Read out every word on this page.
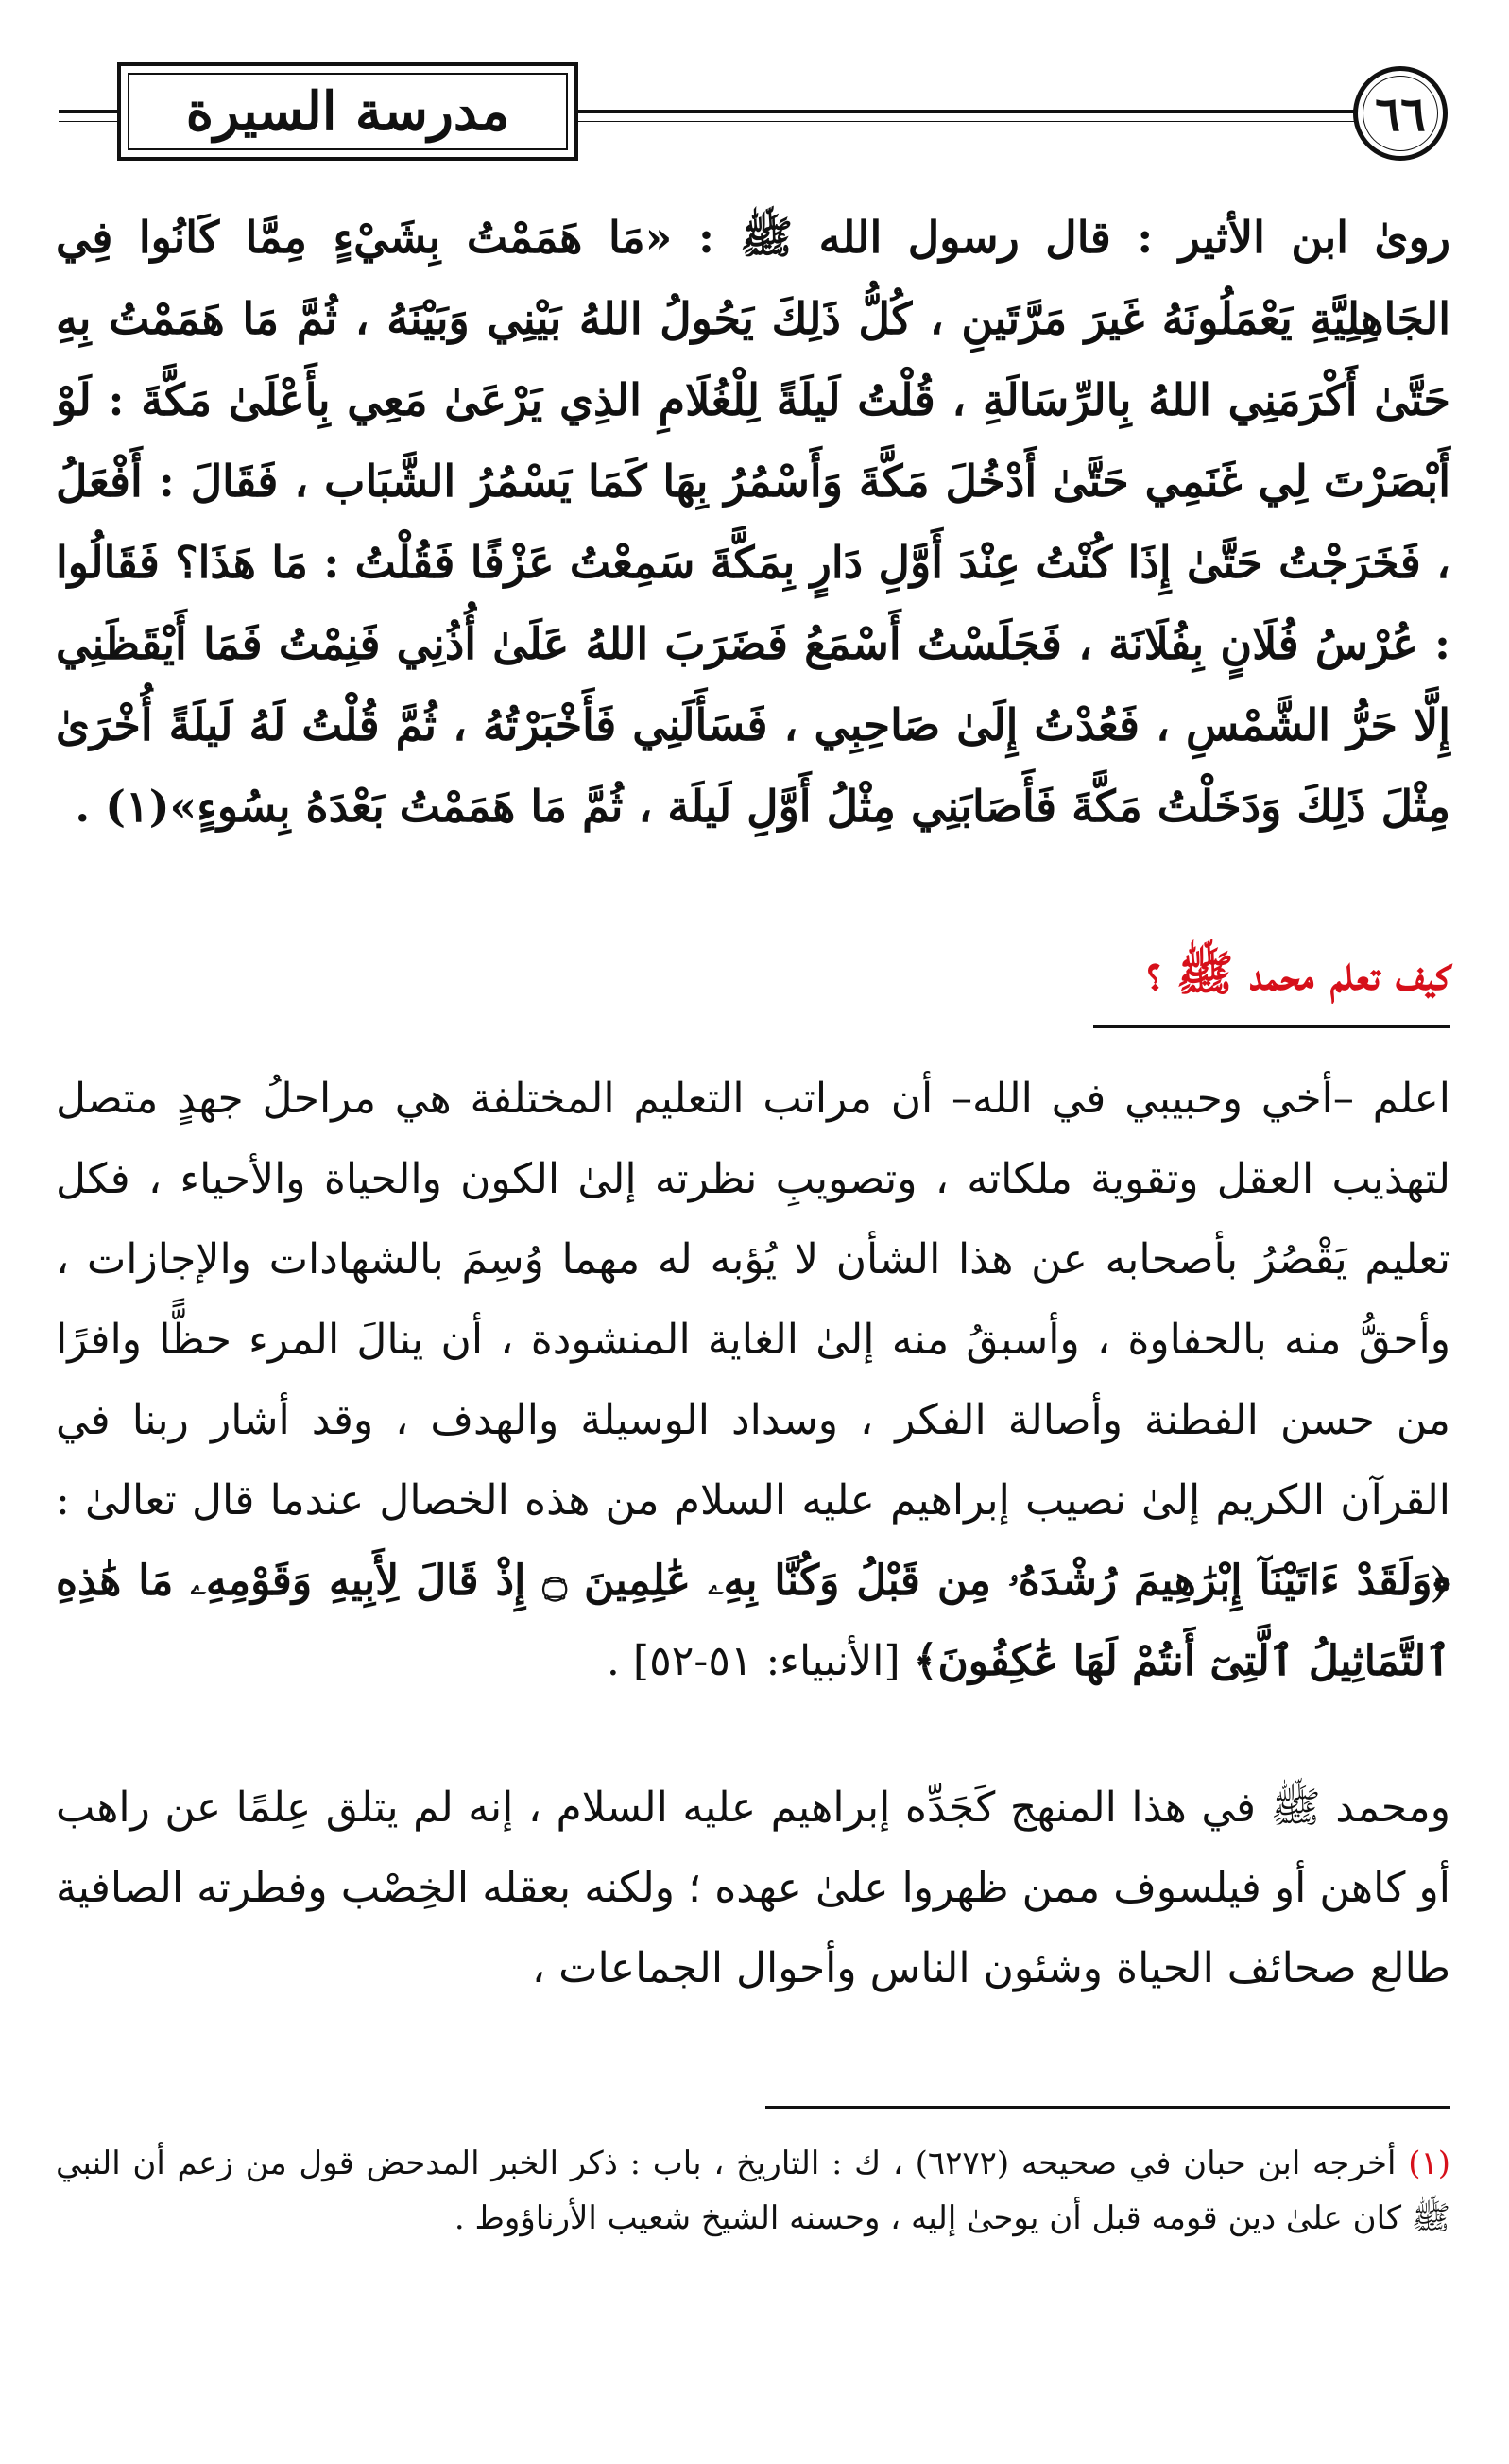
٦٦
مدرسة السيرة
روىٰ ابن الأثير : قال رسول الله ﷺ : «مَا هَمَمْتُ بِشَيْءٍ مِمَّا كَانُوا فِي الجَاهِلِيَّةِ يَعْمَلُونَهُ غَيرَ مَرَّتَينِ ، كُلُّ ذَلِكَ يَحُولُ اللهُ بَيْنِي وَبَيْنَهُ ، ثُمَّ مَا هَمَمْتُ بِهِ حَتَّىٰ أَكْرَمَنِي اللهُ بِالرِّسَالَةِ ، قُلْتُ لَيلَةً لِلْغُلَامِ الذِي يَرْعَىٰ مَعِي بِأَعْلَىٰ مَكَّةَ : لَوْ أَبْصَرْتَ لِي غَنَمِي حَتَّىٰ أَدْخُلَ مَكَّةَ وَأَسْمُرُ بِهَا كَمَا يَسْمُرُ الشَّبَاب ، فَقَالَ : أَفْعَلُ ، فَخَرَجْتُ حَتَّىٰ إِذَا كُنْتُ عِنْدَ أَوَّلِ دَارٍ بِمَكَّةَ سَمِعْتُ عَزْفًا فَقُلْتُ : مَا هَذَا؟ فَقَالُوا : عُرْسُ فُلَانٍ بِفُلَانَة ، فَجَلَسْتُ أَسْمَعُ فَضَرَبَ اللهُ عَلَىٰ أُذُنِي فَنِمْتُ فَمَا أَيْقَظَنِي إِلَّا حَرُّ الشَّمْسِ ، فَعُدْتُ إِلَىٰ صَاحِبِي ، فَسَأَلَنِي فَأَخْبَرْتُهُ ، ثُمَّ قُلْتُ لَهُ لَيلَةً أُخْرَىٰ مِثْلَ ذَلِكَ وَدَخَلْتُ مَكَّةَ فَأَصَابَنِي مِثْلُ أَوَّلِ لَيلَة ، ثُمَّ مَا هَمَمْتُ بَعْدَهُ بِسُوءٍ»(١) .
كيف تعلم محمد ﷺ ؟
اعلم –أخي وحبيبي في الله– أن مراتب التعليم المختلفة هي مراحلُ جهدٍ متصل لتهذيب العقل وتقوية ملكاته ، وتصويبِ نظرته إلىٰ الكون والحياة والأحياء ، فكل تعليم يَقْصُرُ بأصحابه عن هذا الشأن لا يُؤبه له مهما وُسِمَ بالشهادات والإجازات ، وأحقُّ منه بالحفاوة ، وأسبقُ منه إلىٰ الغاية المنشودة ، أن ينالَ المرء حظًّا وافرًا من حسن الفطنة وأصالة الفكر ، وسداد الوسيلة والهدف ، وقد أشار ربنا في القرآن الكريم إلىٰ نصيب إبراهيم عليه السلام من هذه الخصال عندما قال تعالىٰ : ﴿وَلَقَدْ ءَاتَيْنَآ إِبْرَٰهِيمَ رُشْدَهُۥ مِن قَبْلُ وَكُنَّا بِهِۦ عَٰلِمِينَ ۝ إِذْ قَالَ لِأَبِيهِ وَقَوْمِهِۦ مَا هَٰذِهِ ٱلتَّمَاثِيلُ ٱلَّتِىٓ أَنتُمْ لَهَا عَٰكِفُونَ﴾ [الأنبياء: ٥١-٥٢] .
ومحمد ﷺ في هذا المنهج كَجَدِّه إبراهيم عليه السلام ، إنه لم يتلق عِلمًا عن راهب أو كاهن أو فيلسوف ممن ظهروا علىٰ عهده ؛ ولكنه بعقله الخِصْب وفطرته الصافية طالع صحائف الحياة وشئون الناس وأحوال الجماعات ،
(١) أخرجه ابن حبان في صحيحه (٦٢٧٢) ، ك : التاريخ ، باب : ذكر الخبر المدحض قول من زعم أن النبي ﷺ كان علىٰ دين قومه قبل أن يوحىٰ إليه ، وحسنه الشيخ شعيب الأرناؤوط .
